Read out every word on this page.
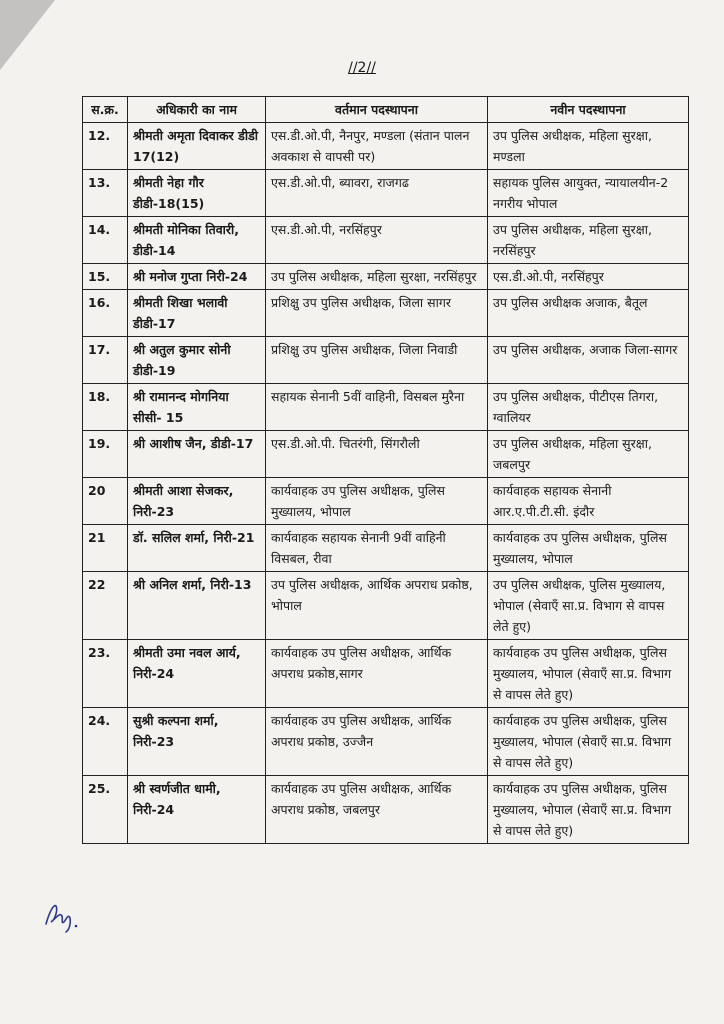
//2//
स.क्र.	अधिकारी का नाम	वर्तमान पदस्थापना	नवीन पदस्थापना
12.	श्रीमती अमृता दिवाकर डीडी 17(12)	एस.डी.ओ.पी, नैनपुर, मण्डला (संतान पालन अवकाश से वापसी पर)	उप पुलिस अधीक्षक, महिला सुरक्षा, मण्डला
13.	श्रीमती नेहा गौर डीडी-18(15)	एस.डी.ओ.पी, ब्यावरा, राजगढ	सहायक पुलिस आयुक्त, न्यायालयीन-2 नगरीय भोपाल
14.	श्रीमती मोनिका तिवारी, डीडी-14	एस.डी.ओ.पी, नरसिंहपुर	उप पुलिस अधीक्षक, महिला सुरक्षा, नरसिंहपुर
15.	श्री मनोज गुप्ता निरी-24	उप पुलिस अधीक्षक, महिला सुरक्षा, नरसिंहपुर	एस.डी.ओ.पी, नरसिंहपुर
16.	श्रीमती शिखा भलावी डीडी-17	प्रशिक्षु उप पुलिस अधीक्षक, जिला सागर	उप पुलिस अधीक्षक अजाक, बैतूल
17.	श्री अतुल कुमार सोनी डीडी-19	प्रशिक्षु उप पुलिस अधीक्षक, जिला निवाडी	उप पुलिस अधीक्षक, अजाक जिला-सागर
18.	श्री रामानन्द मोगनिया सीसी- 15	सहायक सेनानी 5वीं वाहिनी, विसबल मुरैना	उप पुलिस अधीक्षक, पीटीएस तिगरा, ग्वालियर
19.	श्री आशीष जैन, डीडी-17	एस.डी.ओ.पी. चितरंगी, सिंगरौली	उप पुलिस अधीक्षक, महिला सुरक्षा, जबलपुर
20	श्रीमती आशा सेजकर, निरी-23	कार्यवाहक उप पुलिस अधीक्षक, पुलिस मुख्यालय, भोपाल	कार्यवाहक सहायक सेनानी आर.ए.पी.टी.सी. इंदौर
21	डॉ. सलिल शर्मा, निरी-21	कार्यवाहक सहायक सेनानी 9वीं वाहिनी विसबल, रीवा	कार्यवाहक उप पुलिस अधीक्षक, पुलिस मुख्यालय, भोपाल
22	श्री अनिल शर्मा, निरी-13	उप पुलिस अधीक्षक, आर्थिक अपराध प्रकोष्ठ, भोपाल	उप पुलिस अधीक्षक, पुलिस मुख्यालय, भोपाल (सेवाएँ सा.प्र. विभाग से वापस लेते हुए)
23.	श्रीमती उमा नवल आर्य, निरी-24	कार्यवाहक उप पुलिस अधीक्षक, आर्थिक अपराध प्रकोष्ठ,सागर	कार्यवाहक उप पुलिस अधीक्षक, पुलिस मुख्यालय, भोपाल (सेवाएँ सा.प्र. विभाग से वापस लेते हुए)
24.	सुश्री कल्पना शर्मा, निरी-23	कार्यवाहक उप पुलिस अधीक्षक, आर्थिक अपराध प्रकोष्ठ, उज्जैन	कार्यवाहक उप पुलिस अधीक्षक, पुलिस मुख्यालय, भोपाल (सेवाएँ सा.प्र. विभाग से वापस लेते हुए)
25.	श्री स्वर्णजीत धामी, निरी-24	कार्यवाहक उप पुलिस अधीक्षक, आर्थिक अपराध प्रकोष्ठ, जबलपुर	कार्यवाहक उप पुलिस अधीक्षक, पुलिस मुख्यालय, भोपाल (सेवाएँ सा.प्र. विभाग से वापस लेते हुए)
